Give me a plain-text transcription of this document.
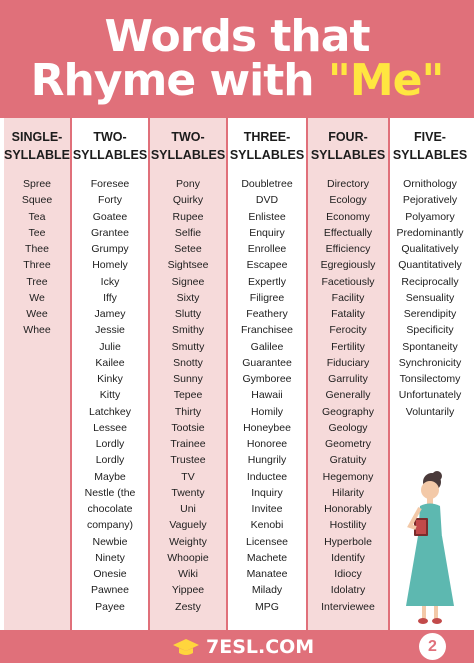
Words that
Rhyme with "Me"
SINGLE-
SYLLABLE
Spree
Squee
Tea
Tee
Thee
Three
Tree
We
Wee
Whee
TWO-
SYLLABLES
Foresee
Forty
Goatee
Grantee
Grumpy
Homely
Icky
Iffy
Jamey
Jessie
Julie
Kailee
Kinky
Kitty
Latchkey
Lessee
Lordly
Lordly
Maybe
Nestle (the
chocolate
company)
Newbie
Ninety
Onesie
Pawnee
Payee
TWO-
SYLLABLES
Pony
Quirky
Rupee
Selfie
Setee
Sightsee
Signee
Sixty
Slutty
Smithy
Smutty
Snotty
Sunny
Tepee
Thirty
Tootsie
Trainee
Trustee
TV
Twenty
Uni
Vaguely
Weighty
Whoopie
Wiki
Yippee
Zesty
THREE-
SYLLABLES
Doubletree
DVD
Enlistee
Enquiry
Enrollee
Escapee
Expertly
Filigree
Feathery
Franchisee
Galilee
Guarantee
Gymboree
Hawaii
Homily
Honeybee
Honoree
Hungrily
Inductee
Inquiry
Invitee
Kenobi
Licensee
Machete
Manatee
Milady
MPG
FOUR-
SYLLABLES
Directory
Ecology
Economy
Effectually
Efficiency
Egregiously
Facetiously
Facility
Fatality
Ferocity
Fertility
Fiduciary
Garrulity
Generally
Geography
Geology
Geometry
Gratuity
Hegemony
Hilarity
Honorably
Hostility
Hyperbole
Identify
Idiocy
Idolatry
Interviewee
FIVE-
SYLLABLES
Ornithology
Pejoratively
Polyamory
Predominantly
Qualitatively
Quantitatively
Reciprocally
Sensuality
Serendipity
Specificity
Spontaneity
Synchronicity
Tonsilectomy
Unfortunately
Voluntarily
7ESL.COM	2
